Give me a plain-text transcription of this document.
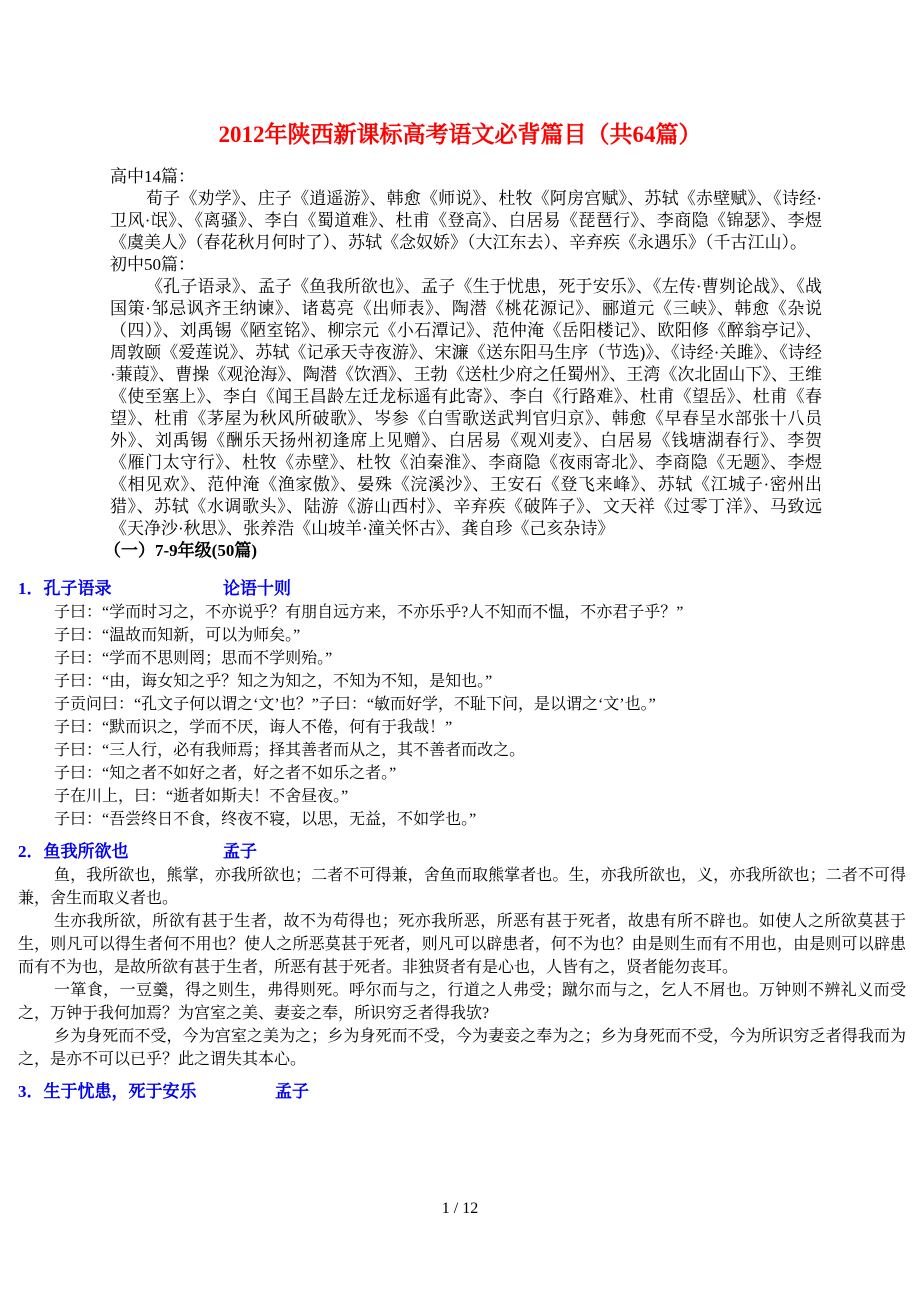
2012年陕西新课标高考语文必背篇目（共64篇）

高中14篇：

荀子《劝学》、庄子《逍遥游》、韩愈《师说》、杜牧《阿房宫赋》、苏轼《赤壁赋》、《诗经·卫风·氓》、《离骚》、李白《蜀道难》、杜甫《登高》、白居易《琵琶行》、李商隐《锦瑟》、李煜《虞美人》（春花秋月何时了）、苏轼《念奴娇》（大江东去）、辛弃疾《永遇乐》（千古江山）。

初中50篇：

《孔子语录》、孟子《鱼我所欲也》、孟子《生于忧患，死于安乐》、《左传·曹刿论战》、《战国策·邹忌讽齐王纳谏》、诸葛亮《出师表》、陶潜《桃花源记》、郦道元《三峡》、韩愈《杂说（四）》、刘禹锡《陋室铭》、柳宗元《小石潭记》、范仲淹《岳阳楼记》、欧阳修《醉翁亭记》、周敦颐《爱莲说》、苏轼《记承天寺夜游》、宋濂《送东阳马生序（节选)》、《诗经·关雎》、《诗经·蒹葭》、曹操《观沧海》、陶潜《饮酒》、王勃《送杜少府之任蜀州》、王湾《次北固山下》、王维《使至塞上》、李白《闻王昌龄左迁龙标遥有此寄》、李白《行路难》、杜甫《望岳》、杜甫《春望》、杜甫《茅屋为秋风所破歌》、岑参《白雪歌送武判官归京》、韩愈《早春呈水部张十八员外》、刘禹锡《酬乐天扬州初逢席上见赠》、白居易《观刈麦》、白居易《钱塘湖春行》、李贺《雁门太守行》、杜牧《赤壁》、杜牧《泊秦淮》、李商隐《夜雨寄北》、李商隐《无题》、李煜《相见欢》、范仲淹《渔家傲》、晏殊《浣溪沙》、王安石《登飞来峰》、苏轼《江城子·密州出猎》、苏轼《水调歌头》、陆游《游山西村》、辛弃疾《破阵子》、文天祥《过零丁洋》、马致远《天净沙·秋思》、张养浩《山坡羊·潼关怀古》、龚自珍《己亥杂诗》

（一）7-9年级(50篇)

1．孔子语录	论语十则

子曰：“学而时习之，不亦说乎？有朋自远方来，不亦乐乎?人不知而不愠，不亦君子乎？”

子曰：“温故而知新，可以为师矣。”

子曰：“学而不思则罔；思而不学则殆。”

子曰：“由，诲女知之乎？知之为知之，不知为不知，是知也。”

子贡问曰：“孔文子何以谓之‘文’也？”子曰：“敏而好学，不耻下问，是以谓之‘文’也。”

子曰：“默而识之，学而不厌，诲人不倦，何有于我哉！”

子曰：“三人行，必有我师焉；择其善者而从之，其不善者而改之。

子曰：“知之者不如好之者，好之者不如乐之者。”

子在川上，曰：“逝者如斯夫！不舍昼夜。”

子曰：“吾尝终日不食，终夜不寝，以思，无益，不如学也。”

2．鱼我所欲也	孟子

鱼，我所欲也，熊掌，亦我所欲也；二者不可得兼，舍鱼而取熊掌者也。生，亦我所欲也，义，亦我所欲也；二者不可得兼，舍生而取义者也。

生亦我所欲，所欲有甚于生者，故不为苟得也；死亦我所恶，所恶有甚于死者，故患有所不辟也。如使人之所欲莫甚于生，则凡可以得生者何不用也？使人之所恶莫甚于死者，则凡可以辟患者，何不为也？由是则生而有不用也，由是则可以辟患而有不为也，是故所欲有甚于生者，所恶有甚于死者。非独贤者有是心也，人皆有之，贤者能勿丧耳。

一箪食，一豆羹，得之则生，弗得则死。呼尔而与之，行道之人弗受；蹴尔而与之，乞人不屑也。万钟则不辨礼义而受之，万钟于我何加焉？为宫室之美、妻妾之奉，所识穷乏者得我欤?

乡为身死而不受，今为宫室之美为之；乡为身死而不受，今为妻妾之奉为之；乡为身死而不受，今为所识穷乏者得我而为之，是亦不可以已乎？此之谓失其本心。

3．生于忧患，死于安乐	孟子
1 / 12
